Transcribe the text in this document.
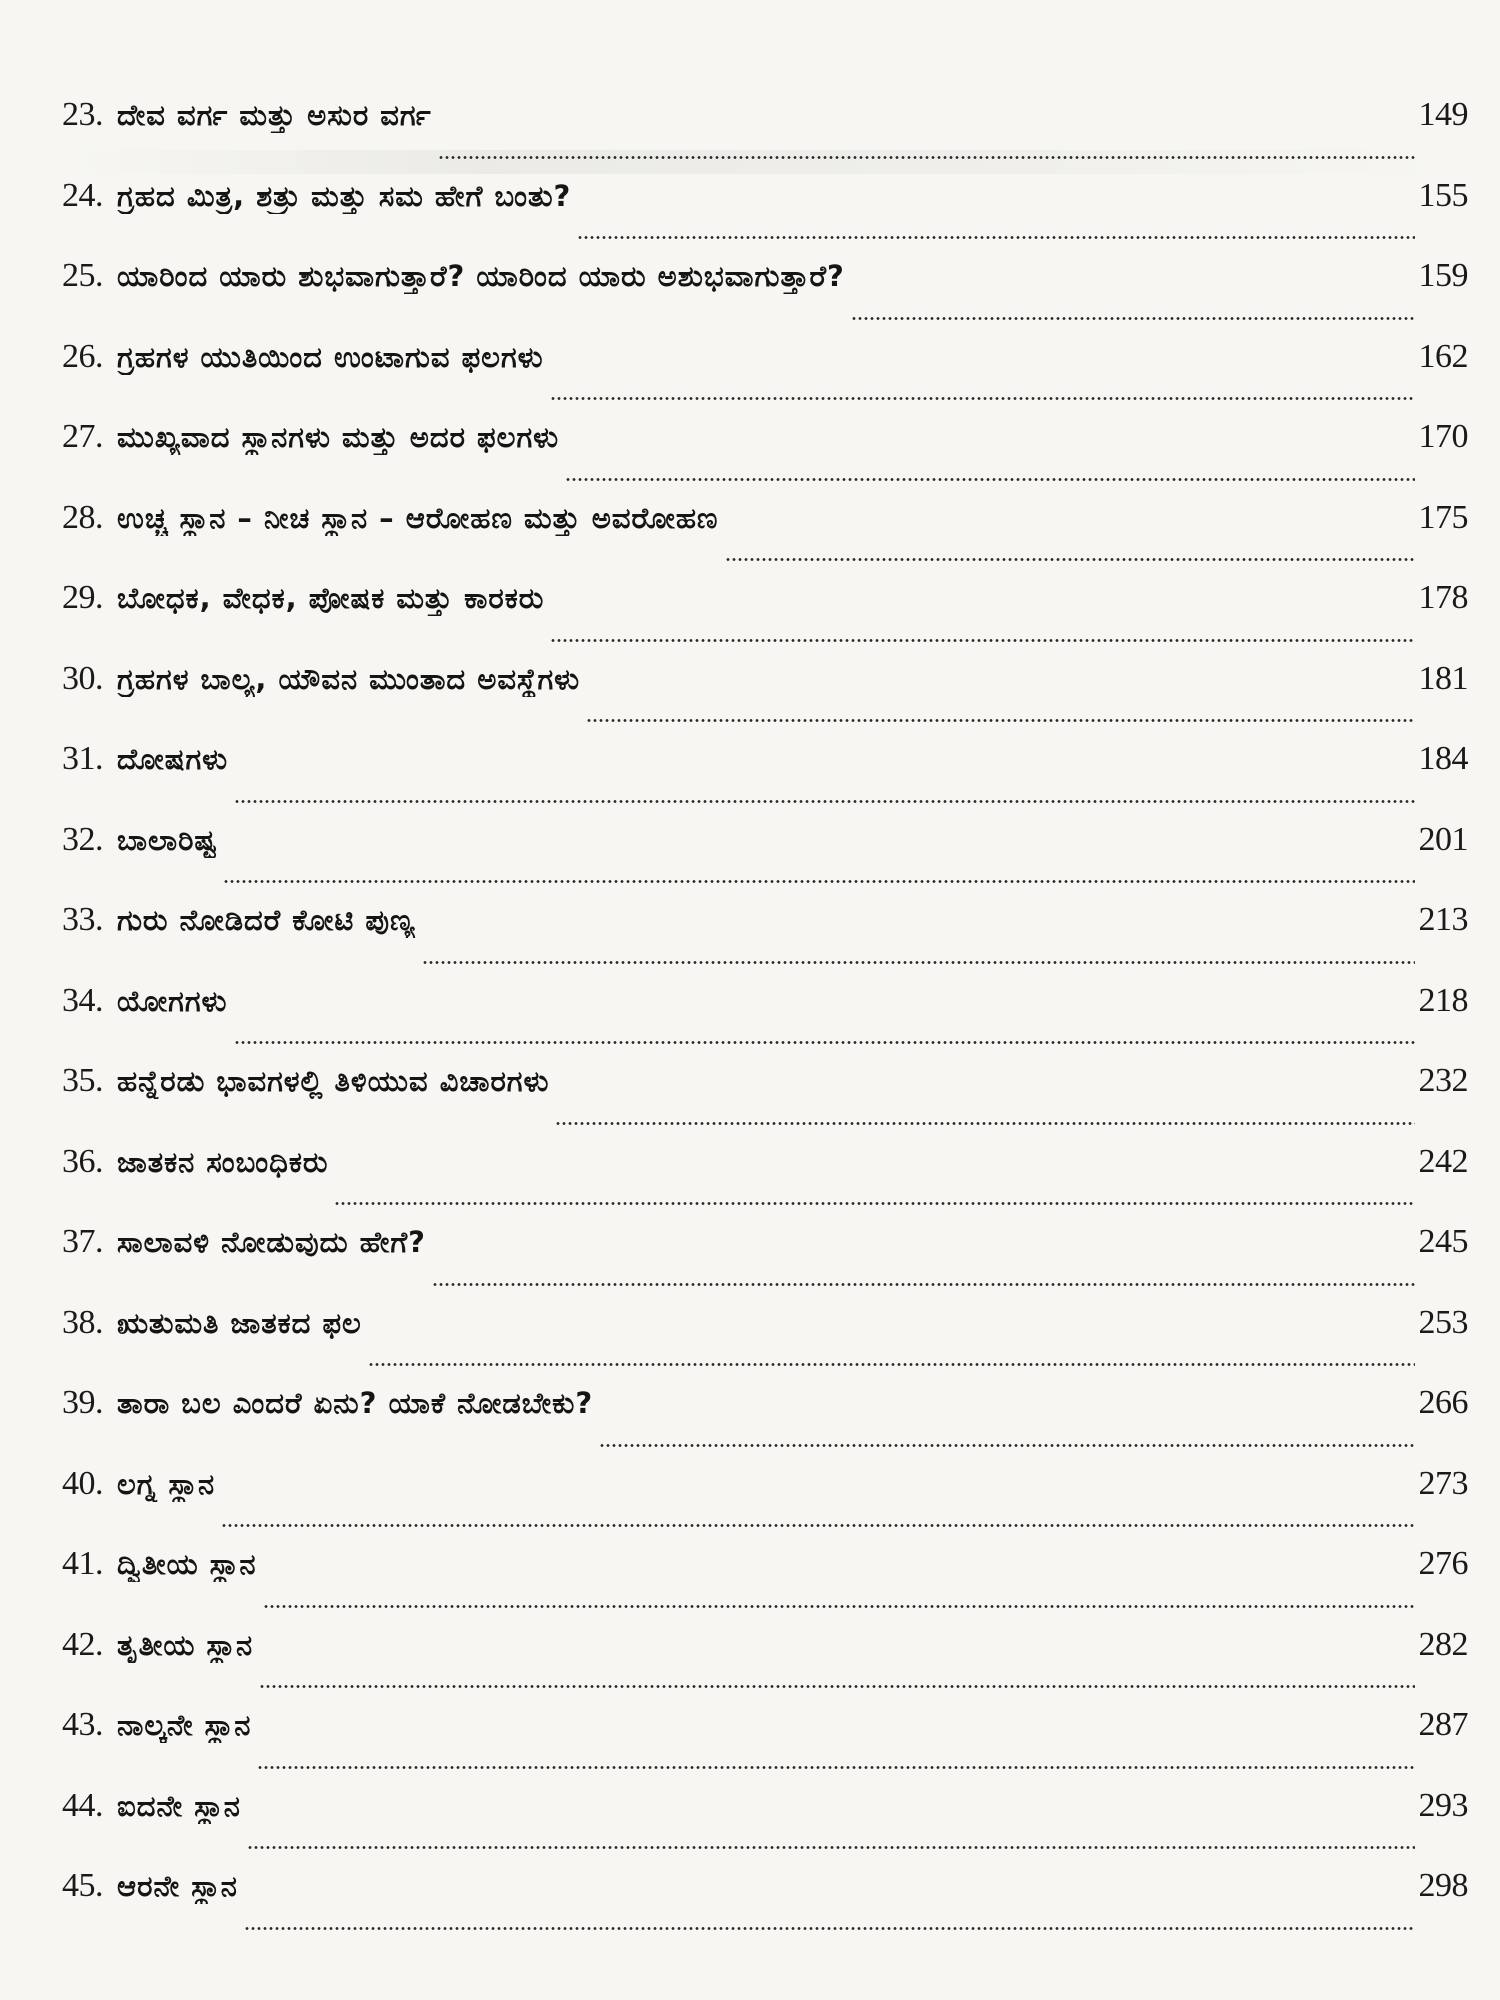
23. ದೇವ ವರ್ಗ ಮತ್ತು ಅಸುರ ವರ್ಗ	149
24. ಗ್ರಹದ ಮಿತ್ರ, ಶತ್ರು ಮತ್ತು ಸಮ ಹೇಗೆ ಬಂತು?	155
25. ಯಾರಿಂದ ಯಾರು ಶುಭವಾಗುತ್ತಾರೆ? ಯಾರಿಂದ ಯಾರು ಅಶುಭವಾಗುತ್ತಾರೆ?	159
26. ಗ್ರಹಗಳ ಯುತಿಯಿಂದ ಉಂಟಾಗುವ ಫಲಗಳು	162
27. ಮುಖ್ಯವಾದ ಸ್ಥಾನಗಳು ಮತ್ತು ಅದರ ಫಲಗಳು	170
28. ಉಚ್ಚ ಸ್ಥಾನ – ನೀಚ ಸ್ಥಾನ – ಆರೋಹಣ ಮತ್ತು ಅವರೋಹಣ	175
29. ಬೋಧಕ, ವೇಧಕ, ಪೋಷಕ ಮತ್ತು ಕಾರಕರು	178
30. ಗ್ರಹಗಳ ಬಾಲ್ಯ, ಯೌವನ ಮುಂತಾದ ಅವಸ್ಥೆಗಳು	181
31. ದೋಷಗಳು	184
32. ಬಾಲಾರಿಷ್ಟ	201
33. ಗುರು ನೋಡಿದರೆ ಕೋಟಿ ಪುಣ್ಯ	213
34. ಯೋಗಗಳು	218
35. ಹನ್ನೆರಡು ಭಾವಗಳಲ್ಲಿ ತಿಳಿಯುವ ವಿಚಾರಗಳು	232
36. ಜಾತಕನ ಸಂಬಂಧಿಕರು	242
37. ಸಾಲಾವಳಿ ನೋಡುವುದು ಹೇಗೆ?	245
38. ಋತುಮತಿ ಜಾತಕದ ಫಲ	253
39. ತಾರಾ ಬಲ ಎಂದರೆ ಏನು? ಯಾಕೆ ನೋಡಬೇಕು?	266
40. ಲಗ್ನ ಸ್ಥಾನ	273
41. ದ್ವಿತೀಯ ಸ್ಥಾನ	276
42. ತೃತೀಯ ಸ್ಥಾನ	282
43. ನಾಲ್ಕನೇ ಸ್ಥಾನ	287
44. ಐದನೇ ಸ್ಥಾನ	293
45. ಆರನೇ ಸ್ಥಾನ	298
